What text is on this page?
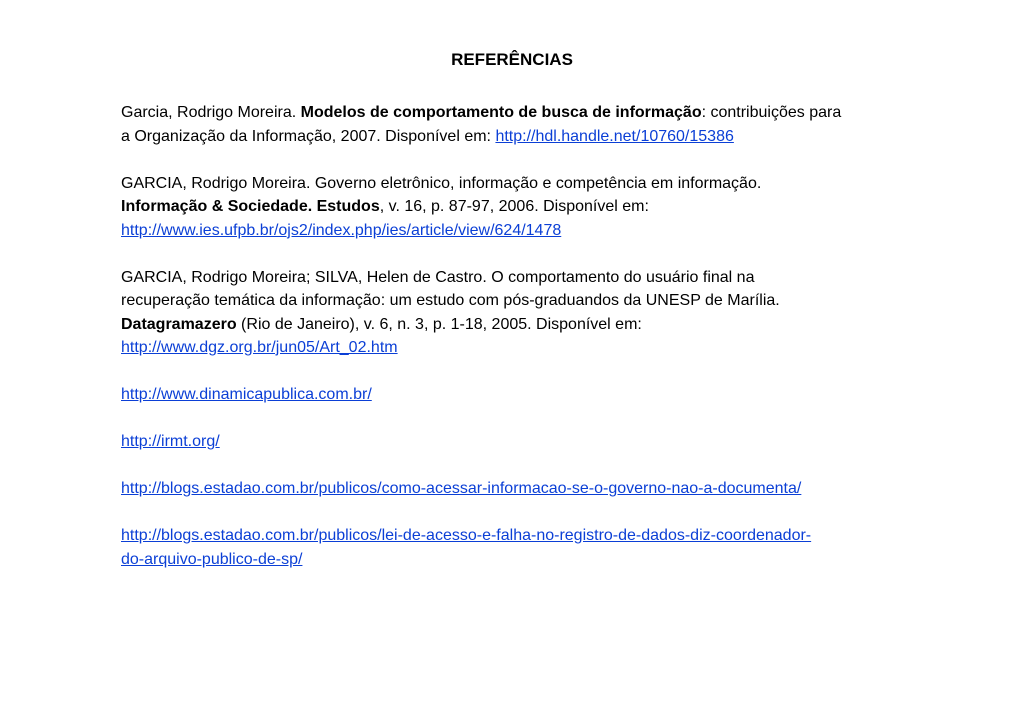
REFERÊNCIAS

Garcia, Rodrigo Moreira. Modelos de comportamento de busca de informação: contribuições para
a Organização da Informação, 2007. Disponível em: http://hdl.handle.net/10760/15386

GARCIA, Rodrigo Moreira. Governo eletrônico, informação e competência em informação.
Informação & Sociedade. Estudos, v. 16, p. 87-97, 2006. Disponível em:
http://www.ies.ufpb.br/ojs2/index.php/ies/article/view/624/1478

GARCIA, Rodrigo Moreira; SILVA, Helen de Castro. O comportamento do usuário final na
recuperação temática da informação: um estudo com pós-graduandos da UNESP de Marília.
Datagramazero (Rio de Janeiro), v. 6, n. 3, p. 1-18, 2005. Disponível em:
http://www.dgz.org.br/jun05/Art_02.htm

http://www.dinamicapublica.com.br/

http://irmt.org/

http://blogs.estadao.com.br/publicos/como-acessar-informacao-se-o-governo-nao-a-documenta/

http://blogs.estadao.com.br/publicos/lei-de-acesso-e-falha-no-registro-de-dados-diz-coordenador-
do-arquivo-publico-de-sp/
